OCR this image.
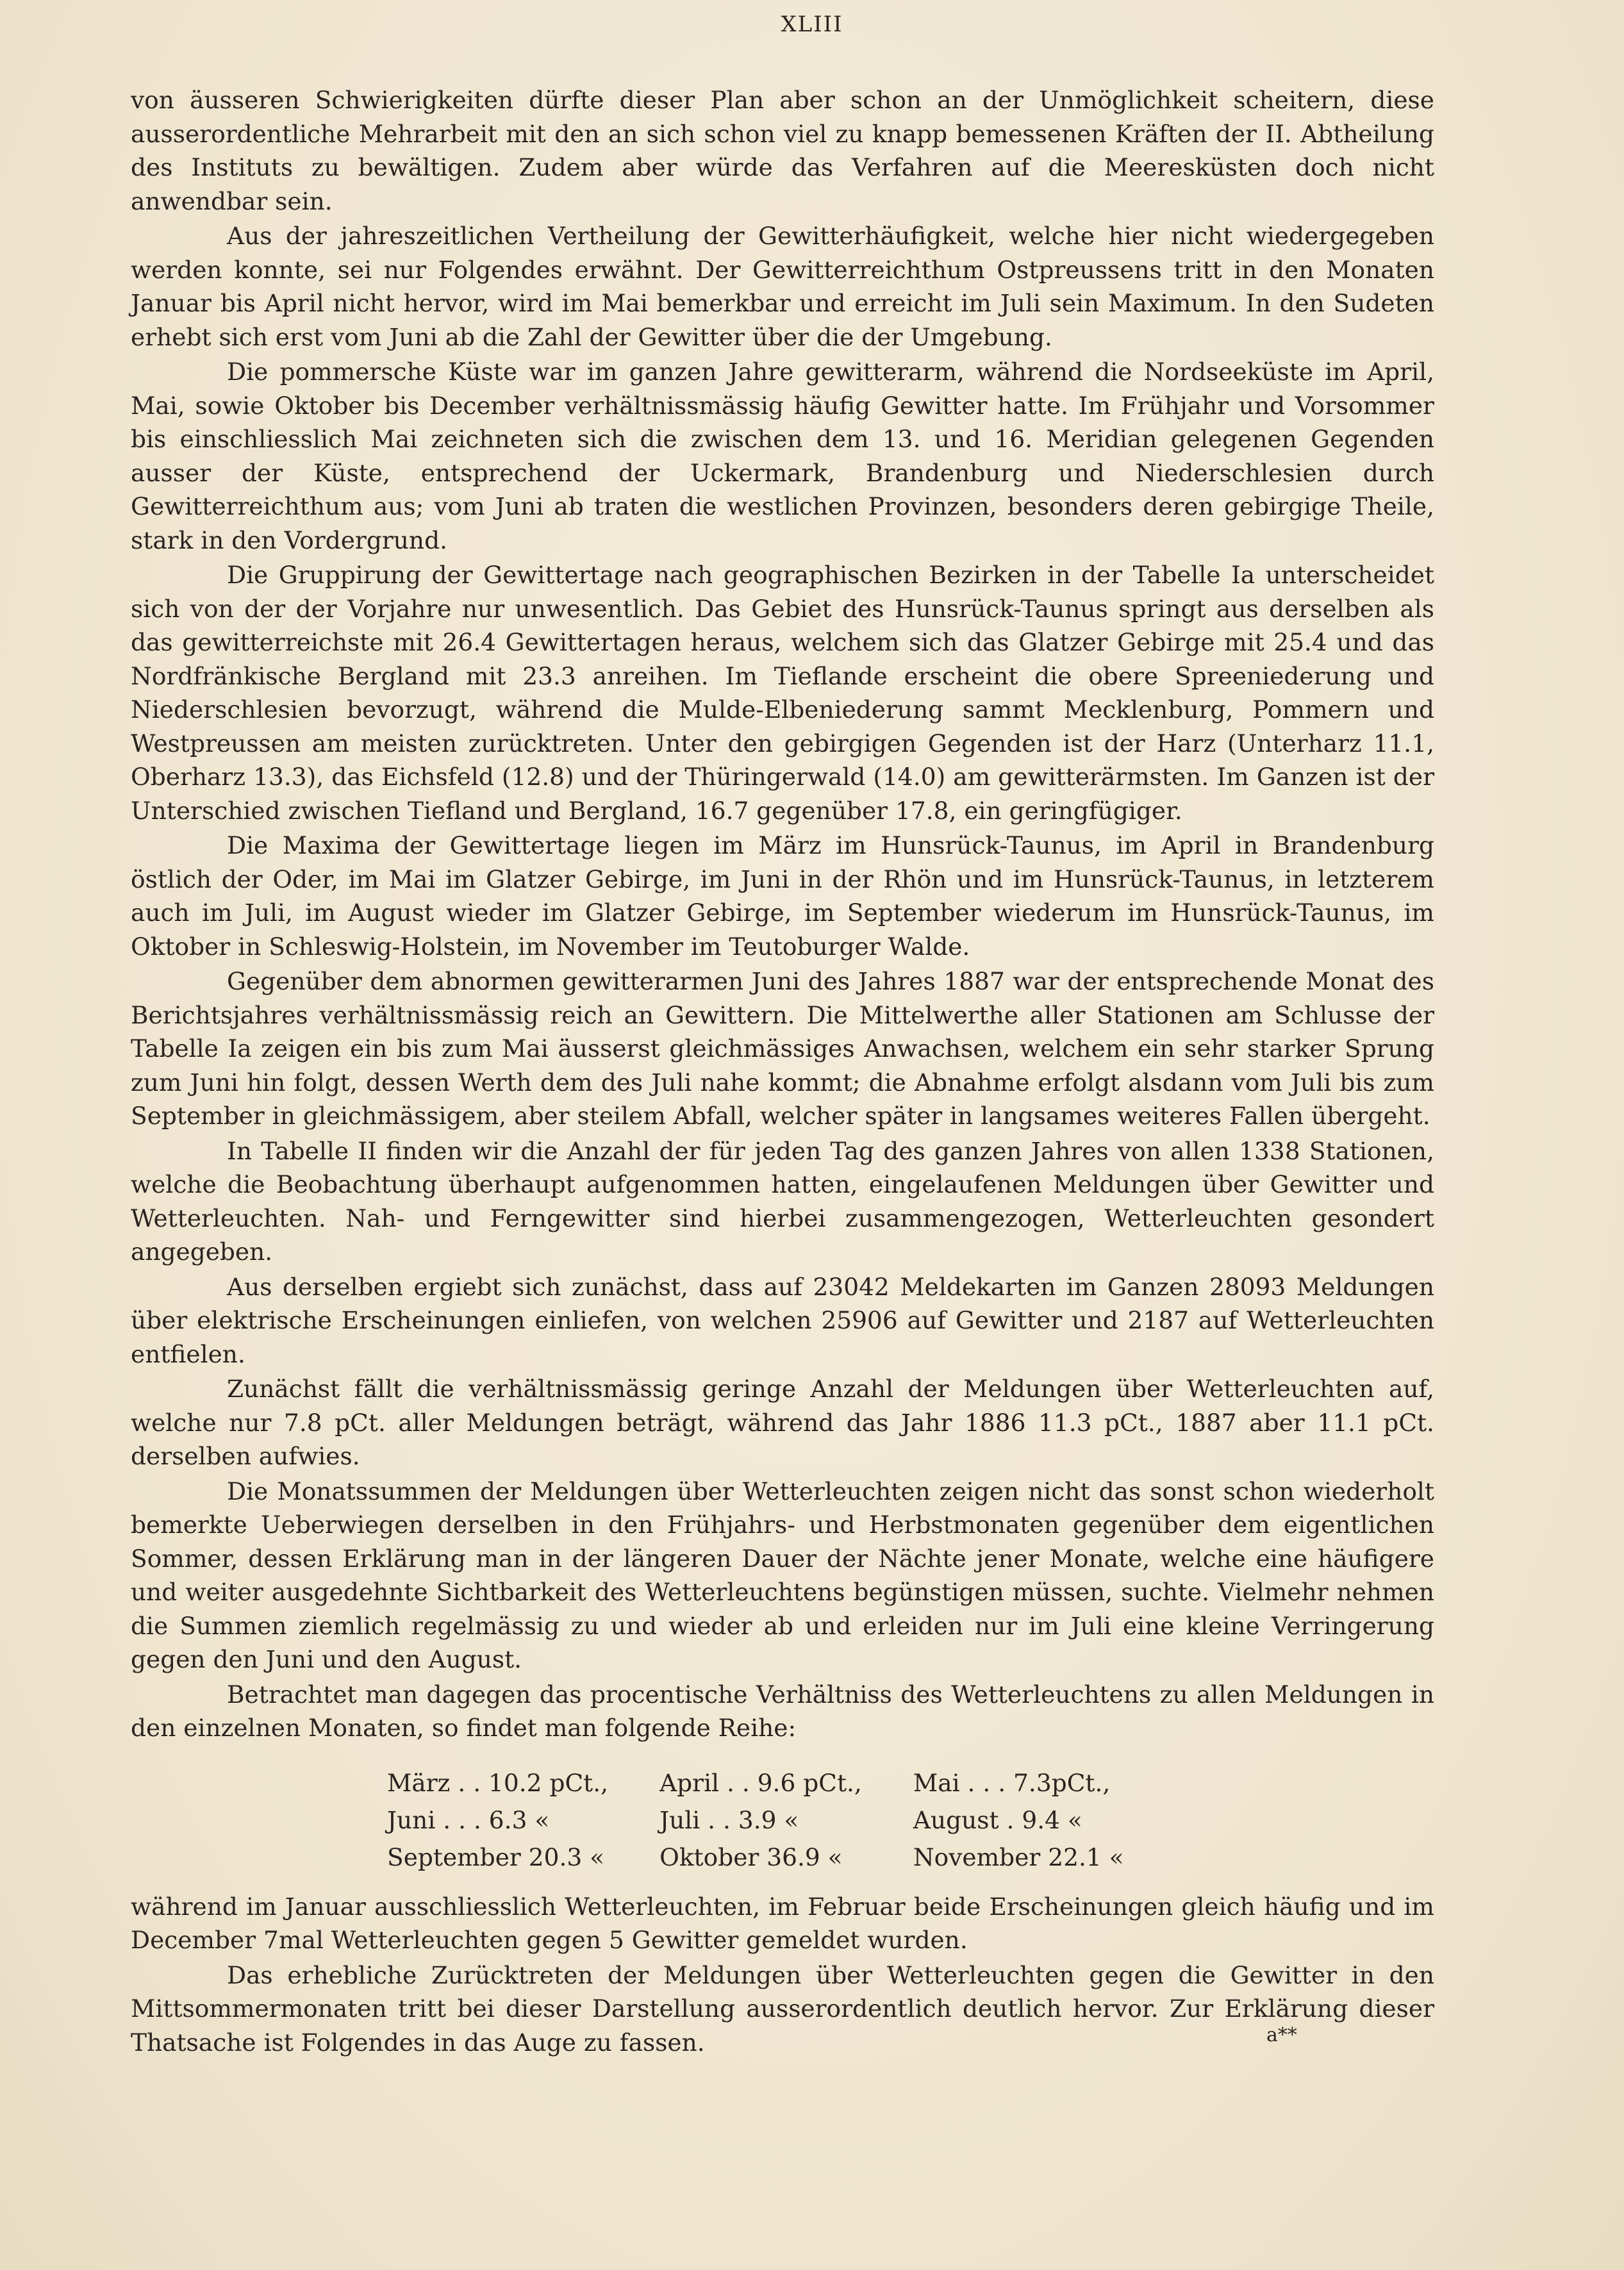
XLIII

von äusseren Schwierigkeiten dürfte dieser Plan aber schon an der Unmöglichkeit scheitern, diese ausserordentliche Mehrarbeit mit den an sich schon viel zu knapp bemessenen Kräften der II. Abtheilung des Instituts zu bewältigen. Zudem aber würde das Verfahren auf die Meeresküsten doch nicht anwendbar sein.

Aus der jahreszeitlichen Vertheilung der Gewitterhäufigkeit, welche hier nicht wiedergegeben werden konnte, sei nur Folgendes erwähnt. Der Gewitterreichthum Ostpreussens tritt in den Monaten Januar bis April nicht hervor, wird im Mai bemerkbar und erreicht im Juli sein Maximum. In den Sudeten erhebt sich erst vom Juni ab die Zahl der Gewitter über die der Umgebung.

Die pommersche Küste war im ganzen Jahre gewitterarm, während die Nordseeküste im April, Mai, sowie Oktober bis December verhältnissmässig häufig Gewitter hatte. Im Frühjahr und Vorsommer bis einschliesslich Mai zeichneten sich die zwischen dem 13. und 16. Meridian gelegenen Gegenden ausser der Küste, entsprechend der Uckermark, Brandenburg und Niederschlesien durch Gewitterreichthum aus; vom Juni ab traten die westlichen Provinzen, besonders deren gebirgige Theile, stark in den Vordergrund.

Die Gruppirung der Gewittertage nach geographischen Bezirken in der Tabelle Ia unterscheidet sich von der der Vorjahre nur unwesentlich. Das Gebiet des Hunsrück-Taunus springt aus derselben als das gewitterreichste mit 26.4 Gewittertagen heraus, welchem sich das Glatzer Gebirge mit 25.4 und das Nordfränkische Bergland mit 23.3 anreihen. Im Tieflande erscheint die obere Spreeniederung und Niederschlesien bevorzugt, während die Mulde-Elbeniederung sammt Mecklenburg, Pommern und Westpreussen am meisten zurücktreten. Unter den gebirgigen Gegenden ist der Harz (Unterharz 11.1, Oberharz 13.3), das Eichsfeld (12.8) und der Thüringerwald (14.0) am gewitterärmsten. Im Ganzen ist der Unterschied zwischen Tiefland und Bergland, 16.7 gegenüber 17.8, ein geringfügiger.

Die Maxima der Gewittertage liegen im März im Hunsrück-Taunus, im April in Brandenburg östlich der Oder, im Mai im Glatzer Gebirge, im Juni in der Rhön und im Hunsrück-Taunus, in letzterem auch im Juli, im August wieder im Glatzer Gebirge, im September wiederum im Hunsrück-Taunus, im Oktober in Schleswig-Holstein, im November im Teutoburger Walde.

Gegenüber dem abnormen gewitterarmen Juni des Jahres 1887 war der entsprechende Monat des Berichtsjahres verhältnissmässig reich an Gewittern. Die Mittelwerthe aller Stationen am Schlusse der Tabelle Ia zeigen ein bis zum Mai äusserst gleichmässiges Anwachsen, welchem ein sehr starker Sprung zum Juni hin folgt, dessen Werth dem des Juli nahe kommt; die Abnahme erfolgt alsdann vom Juli bis zum September in gleichmässigem, aber steilem Abfall, welcher später in langsames weiteres Fallen übergeht.

In Tabelle II finden wir die Anzahl der für jeden Tag des ganzen Jahres von allen 1338 Stationen, welche die Beobachtung überhaupt aufgenommen hatten, eingelaufenen Meldungen über Gewitter und Wetterleuchten. Nah- und Ferngewitter sind hierbei zusammengezogen, Wetterleuchten gesondert angegeben.

Aus derselben ergiebt sich zunächst, dass auf 23042 Meldekarten im Ganzen 28093 Meldungen über elektrische Erscheinungen einliefen, von welchen 25906 auf Gewitter und 2187 auf Wetterleuchten entfielen.

Zunächst fällt die verhältnissmässig geringe Anzahl der Meldungen über Wetterleuchten auf, welche nur 7.8 pCt. aller Meldungen beträgt, während das Jahr 1886 11.3 pCt., 1887 aber 11.1 pCt. derselben aufwies.

Die Monatssummen der Meldungen über Wetterleuchten zeigen nicht das sonst schon wiederholt bemerkte Ueberwiegen derselben in den Frühjahrs- und Herbstmonaten gegenüber dem eigentlichen Sommer, dessen Erklärung man in der längeren Dauer der Nächte jener Monate, welche eine häufigere und weiter ausgedehnte Sichtbarkeit des Wetterleuchtens begünstigen müssen, suchte. Vielmehr nehmen die Summen ziemlich regelmässig zu und wieder ab und erleiden nur im Juli eine kleine Verringerung gegen den Juni und den August.

Betrachtet man dagegen das procentische Verhältniss des Wetterleuchtens zu allen Meldungen in den einzelnen Monaten, so findet man folgende Reihe:

März . . 10.2 pCt.,		April . . 9.6 pCt.,		Mai . . . 7.3pCt.,
Juni . . . 6.3 «		Juli . . 3.9 «		August . 9.4 «
September 20.3 «		Oktober 36.9 «		November 22.1 «

während im Januar ausschliesslich Wetterleuchten, im Februar beide Erscheinungen gleich häufig und im December 7mal Wetterleuchten gegen 5 Gewitter gemeldet wurden.

Das erhebliche Zurücktreten der Meldungen über Wetterleuchten gegen die Gewitter in den Mittsommermonaten tritt bei dieser Darstellung ausserordentlich deutlich hervor. Zur Erklärung dieser Thatsache ist Folgendes in das Auge zu fassen.	a**
